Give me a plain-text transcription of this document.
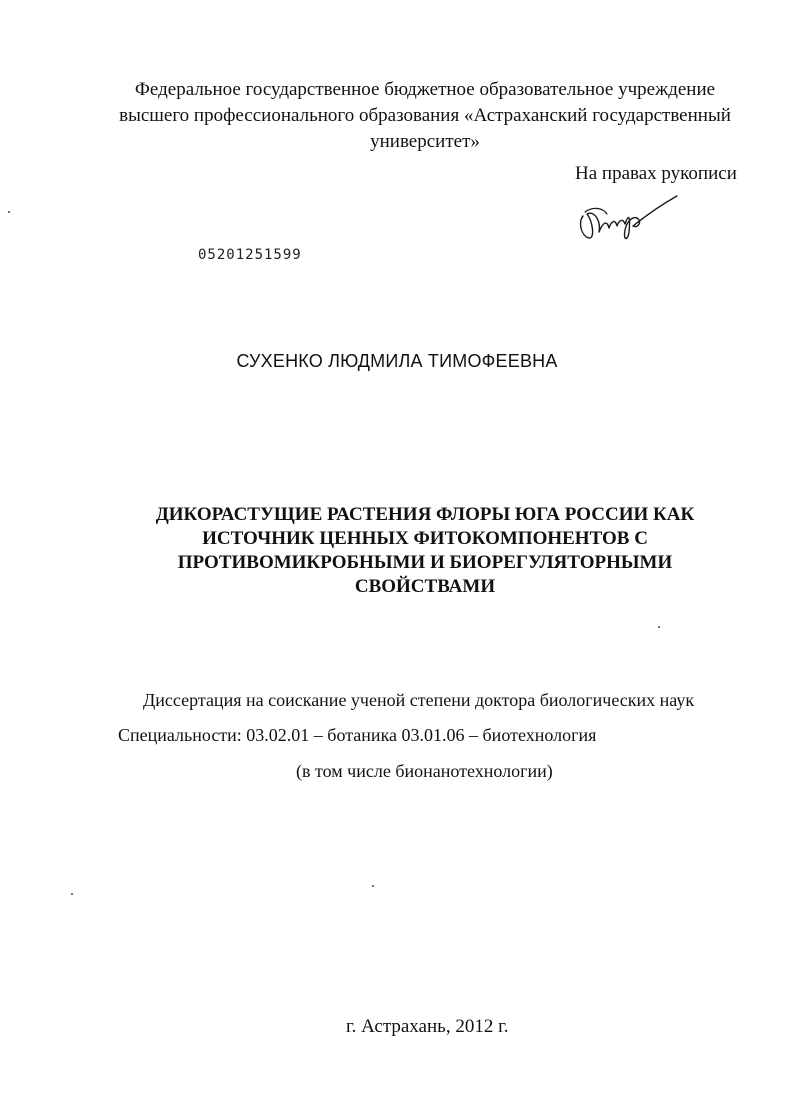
Федеральное государственное бюджетное образовательное учреждение
высшего профессионального образования «Астраханский государственный
университет»
На правах рукописи
05201251599
СУХЕНКО ЛЮДМИЛА ТИМОФЕЕВНА
ДИКОРАСТУЩИЕ РАСТЕНИЯ ФЛОРЫ ЮГА РОССИИ КАК
ИСТОЧНИК ЦЕННЫХ ФИТОКОМПОНЕНТОВ С
ПРОТИВОМИКРОБНЫМИ И БИОРЕГУЛЯТОРНЫМИ
СВОЙСТВАМИ
Диссертация на соискание ученой степени доктора биологических наук
Специальности: 03.02.01 – ботаника 03.01.06 – биотехнология
(в том числе бионанотехнологии)
г. Астрахань, 2012 г.
